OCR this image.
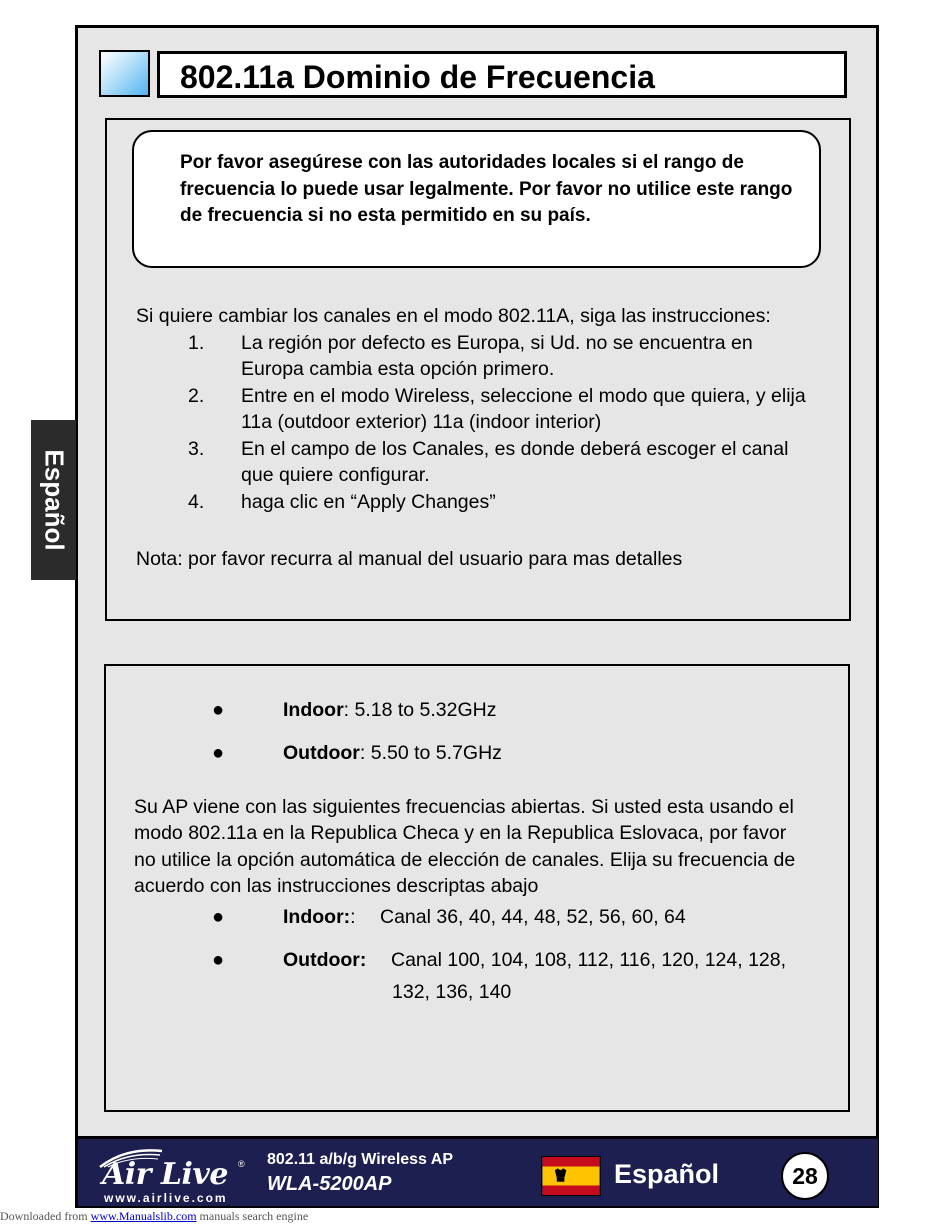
802.11a Dominio de Frecuencia
Por favor asegúrese con las autoridades locales si el rango de frecuencia lo puede usar legalmente. Por favor no utilice este rango de frecuencia si no esta permitido en su país.
Si quiere cambiar los canales en el modo 802.11A, siga las instrucciones:
1. La región por defecto es Europa, si Ud. no se encuentra en
Europa cambia esta opción primero.
2. Entre en el modo Wireless, seleccione el modo que quiera, y elija
11a (outdoor exterior) 11a (indoor interior)
3. En el campo de los Canales, es donde deberá escoger el canal
que quiere configurar.
4. haga clic en “Apply Changes”
Nota: por favor recurra al manual del usuario para mas detalles
●	Indoor: 5.18 to 5.32GHz
●	Outdoor: 5.50 to 5.7GHz
Su AP viene con las siguientes frecuencias abiertas. Si usted esta usando el
modo 802.11a en la Republica Checa y en la Republica Eslovaca, por favor
no utilice la opción automática de elección de canales. Elija su frecuencia de
acuerdo con las instrucciones descriptas abajo
●	Indoor:: Canal 36, 40, 44, 48, 52, 56, 60, 64
●	Outdoor: Canal 100, 104, 108, 112, 116, 120, 124, 128,
132, 136, 140
Español
Air Live ®
www.airlive.com
802.11 a/b/g Wireless AP
WLA-5200AP	Español	28
Downloaded from www.Manualslib.com manuals search engine
